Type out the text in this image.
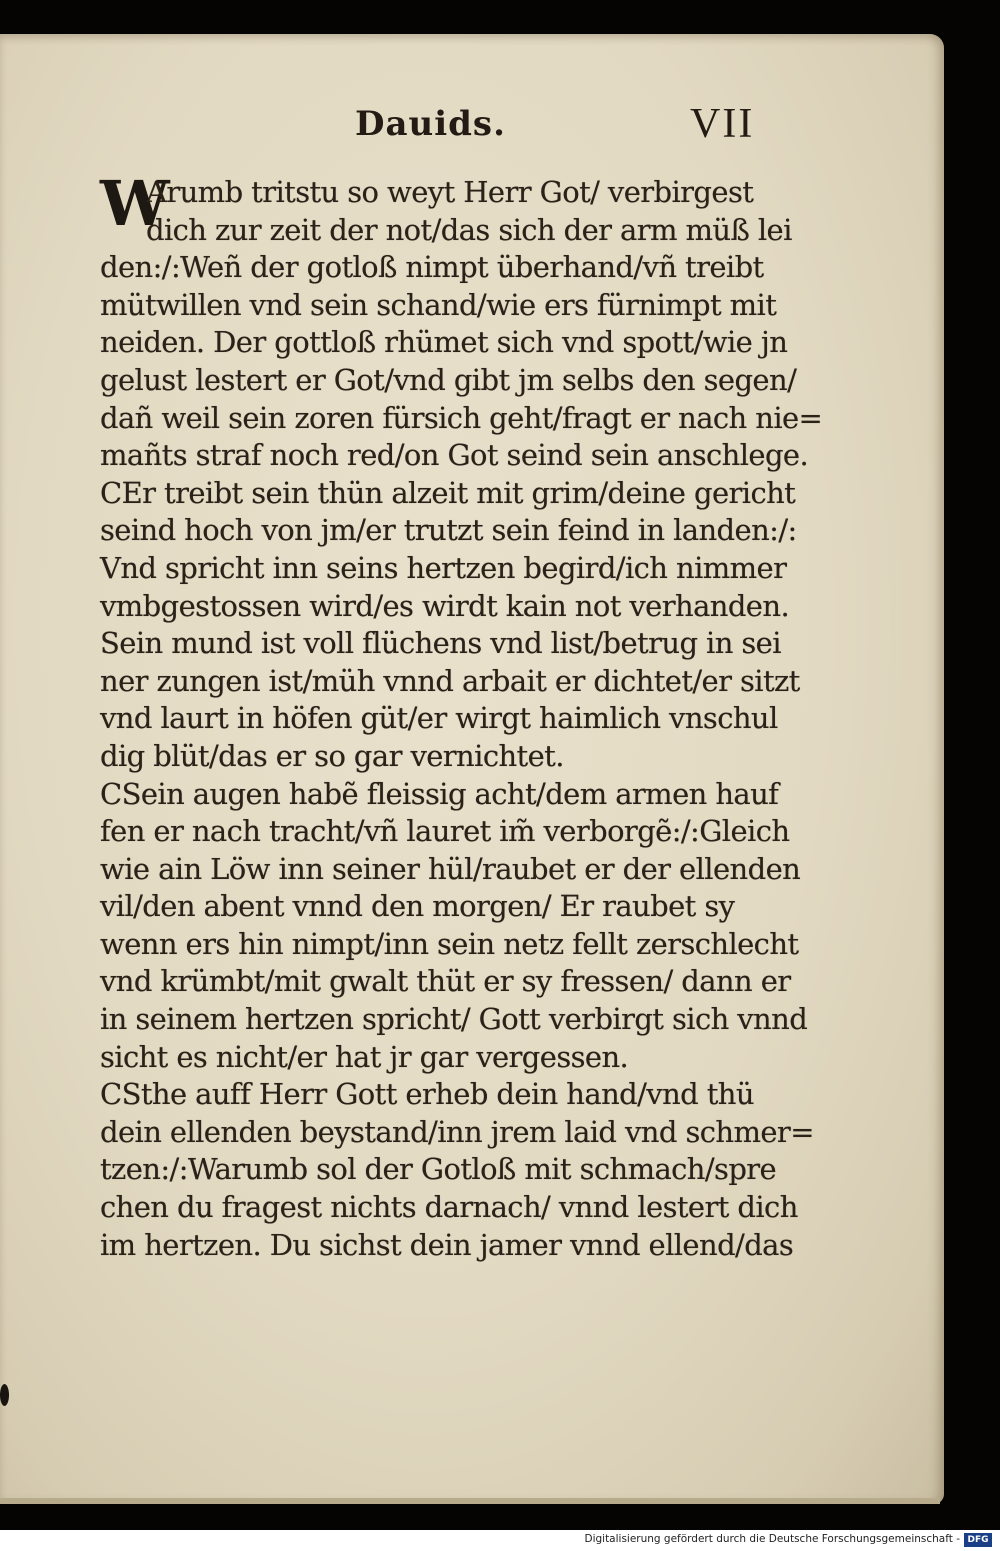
Dauids.	VII
W
Arumb tritstu so weyt Herr Got/ verbirgest
dich zur zeit der not/das sich der arm müß lei
den:/:Weñ der gotloß nimpt überhand/vñ treibt
mütwillen vnd sein schand/wie ers fürnimpt mit
neiden. Der gottloß rhümet sich vnd spott/wie jn
gelust lestert er Got/vnd gibt jm selbs den segen/
dañ weil sein zoren fürsich geht/fragt er nach nie=
mañts straf noch red/on Got seind sein anschlege.
CEr treibt sein thün alzeit mit grim/deine gericht
seind hoch von jm/er trutzt sein feind in landen:/:
Vnd spricht inn seins hertzen begird/ich nimmer
vmbgestossen wird/es wirdt kain not verhanden.
Sein mund ist voll flüchens vnd list/betrug in sei
ner zungen ist/müh vnnd arbait er dichtet/er sitzt
vnd laurt in höfen güt/er wirgt haimlich vnschul
dig blüt/das er so gar vernichtet.
CSein augen habẽ fleissig acht/dem armen hauf
fen er nach tracht/vñ lauret im̃ verborgẽ:/:Gleich
wie ain Löw inn seiner hül/raubet er der ellenden
vil/den abent vnnd den morgen/ Er raubet sy
wenn ers hin nimpt/inn sein netz fellt zerschlecht
vnd krümbt/mit gwalt thüt er sy fressen/ dann er
in seinem hertzen spricht/ Gott verbirgt sich vnnd
sicht es nicht/er hat jr gar vergessen.
CSthe auff Herr Gott erheb dein hand/vnd thü
dein ellenden beystand/inn jrem laid vnd schmer=
tzen:/:Warumb sol der Gotloß mit schmach/spre
chen du fragest nichts darnach/ vnnd lestert dich
im hertzen. Du sichst dein jamer vnnd ellend/das
Digitalisierung gefördert durch die Deutsche Forschungsgemeinschaft - DFG
